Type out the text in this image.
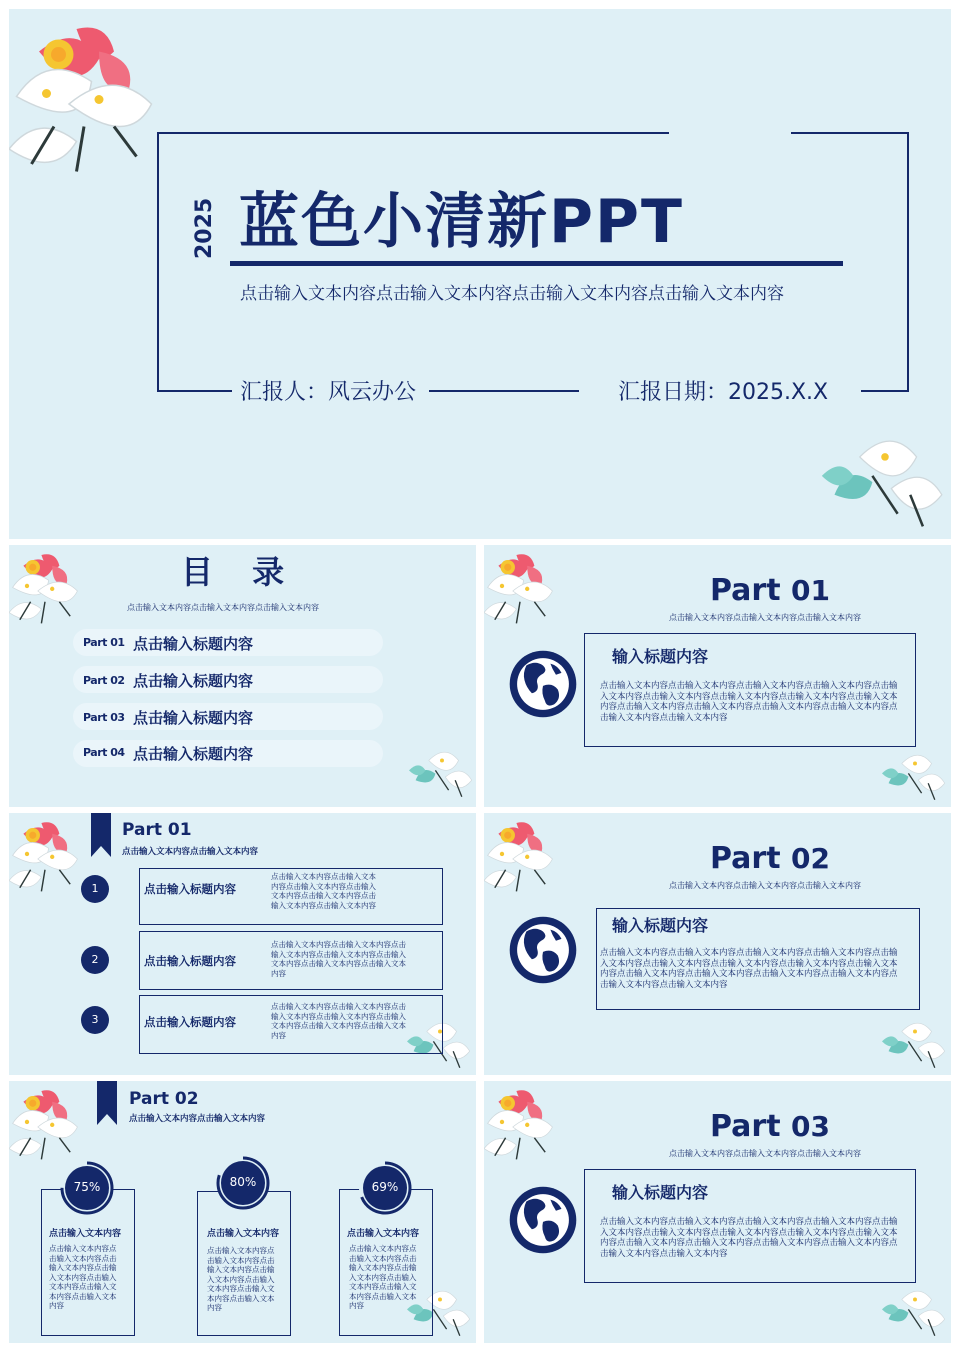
2025 蓝色小清新PPT
点击输入文本内容点击输入文本内容点击输入文本内容点击输入文本内容
汇报人：风云办公	汇报日期：2025.X.X
目 录
点击输入文本内容点击输入文本内容点击输入文本内容
Part 01 点击输入标题内容
Part 02 点击输入标题内容
Part 03 点击输入标题内容
Part 04 点击输入标题内容
Part 01
点击输入文本内容点击输入文本内容点击输入文本内容
输入标题内容
点击输入文本内容点击输入文本内容点击输入文本内容点击输入文本内容点击输入文本内容点击输入文本内容点击输入文本内容点击输入文本内容点击输入文本内容点击输入文本内容点击输入文本内容点击输入文本内容点击输入文本内容点击输入文本内容点击输入文本内容
Part 01
点击输入文本内容点击输入文本内容
1	点击输入标题内容
点击输入文本内容点击输入文本内容点击输入文本内容点击输入文本内容点击输入文本内容点击输入文本内容点击输入文本内容
2	点击输入标题内容
点击输入文本内容点击输入文本内容点击输入文本内容点击输入文本内容点击输入文本内容点击输入文本内容点击输入文本内容
3	点击输入标题内容
点击输入文本内容点击输入文本内容点击输入文本内容点击输入文本内容点击输入文本内容点击输入文本内容点击输入文本内容
Part 02
点击输入文本内容点击输入文本内容点击输入文本内容
输入标题内容
点击输入文本内容点击输入文本内容点击输入文本内容点击输入文本内容点击输入文本内容点击输入文本内容点击输入文本内容点击输入文本内容点击输入文本内容点击输入文本内容点击输入文本内容点击输入文本内容点击输入文本内容点击输入文本内容点击输入文本内容
Part 02
点击输入文本内容点击输入文本内容
75%
点击输入文本内容
点击输入文本内容点击输入文本内容点击输入文本内容点击输入文本内容点击输入文本内容点击输入文本内容点击输入文本内容
80%
点击输入文本内容
点击输入文本内容点击输入文本内容点击输入文本内容点击输入文本内容点击输入文本内容点击输入文本内容点击输入文本内容
69%
点击输入文本内容
点击输入文本内容点击输入文本内容点击输入文本内容点击输入文本内容点击输入文本内容点击输入文本内容点击输入文本内容
Part 03
点击输入文本内容点击输入文本内容点击输入文本内容
输入标题内容
点击输入文本内容点击输入文本内容点击输入文本内容点击输入文本内容点击输入文本内容点击输入文本内容点击输入文本内容点击输入文本内容点击输入文本内容点击输入文本内容点击输入文本内容点击输入文本内容点击输入文本内容点击输入文本内容点击输入文本内容
